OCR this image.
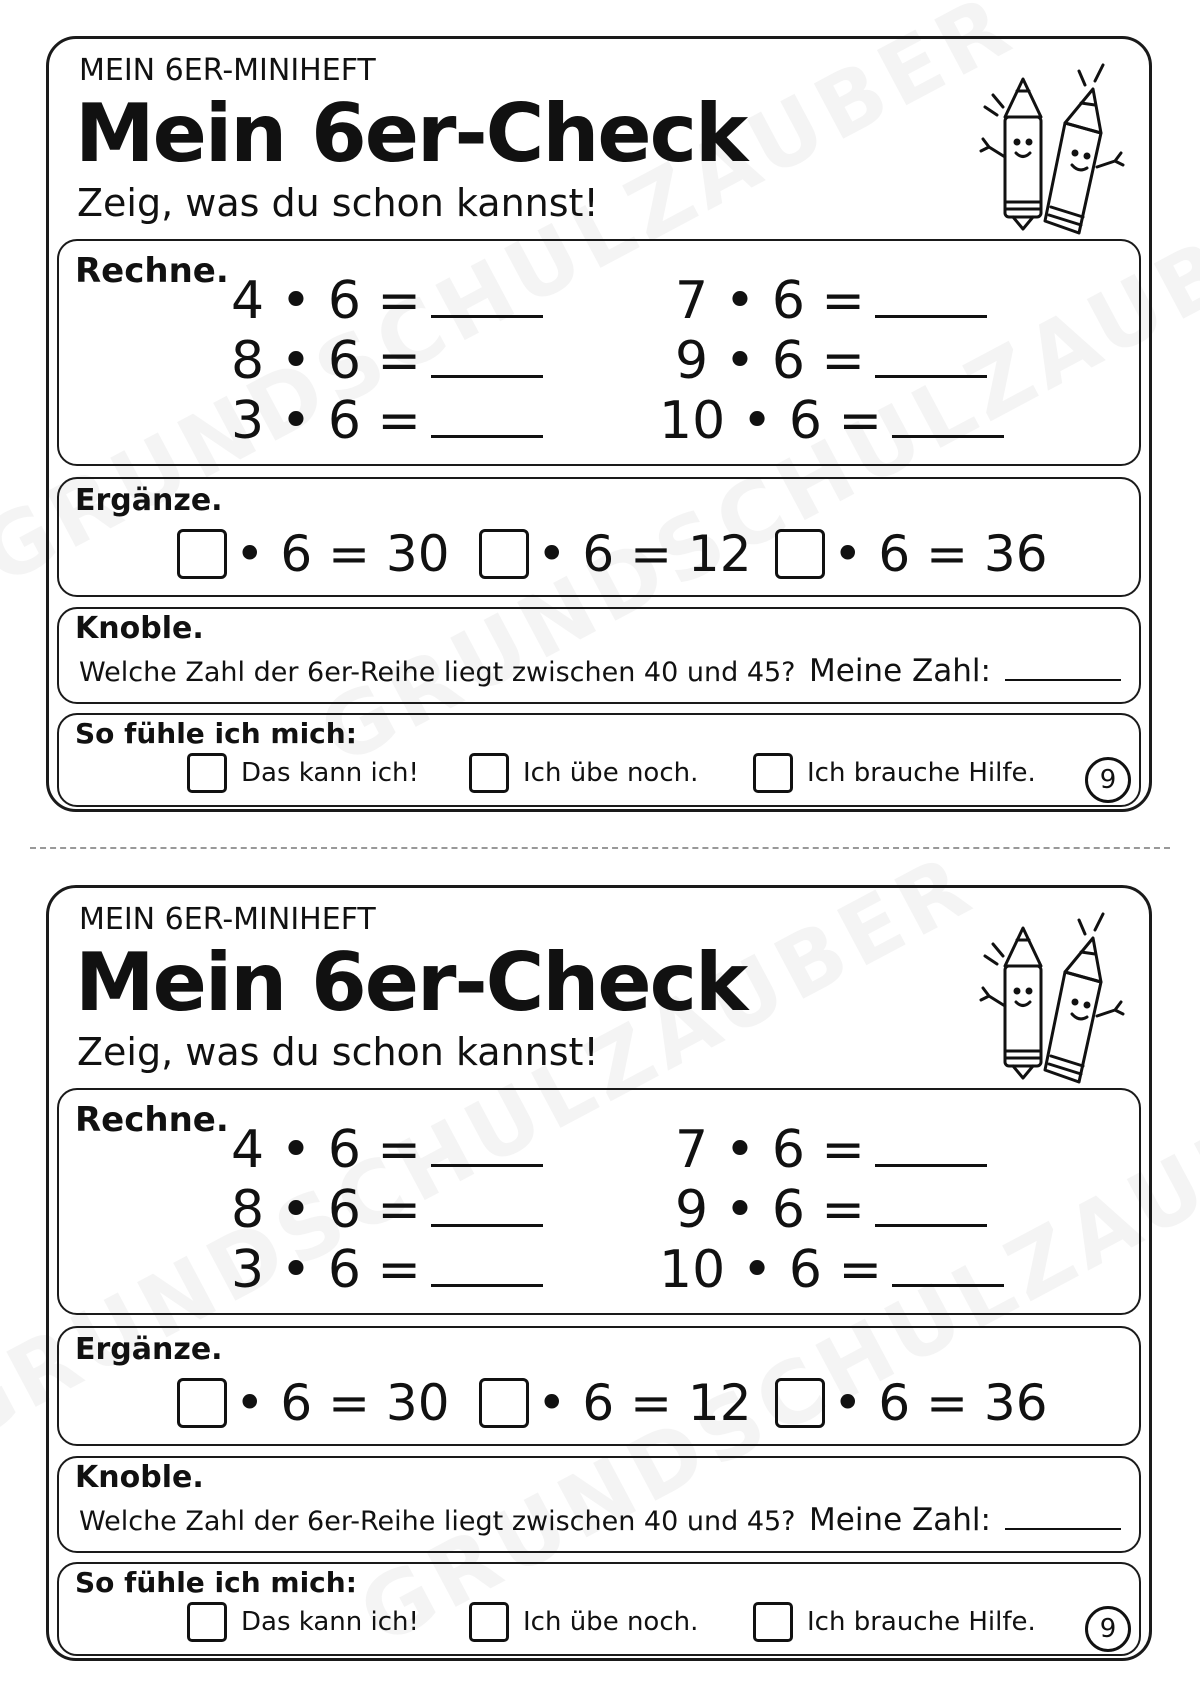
MEIN 6ER-MINIHEFT
Mein 6er-Check
Zeig, was du schon kannst!
Rechne. 4 • 6 =	7 • 6 =
8 • 6 =	9 • 6 =
3 • 6 =	10 • 6 =
Ergänze.
• 6 = 30 • 6 = 12 • 6 = 36
Knoble.
Welche Zahl der 6er-Reihe liegt zwischen 40 und 45? Meine Zahl:
So fühle ich mich:
Das kann ich!	Ich übe noch.	Ich brauche Hilfe.	9
MEIN 6ER-MINIHEFT
Mein 6er-Check
Zeig, was du schon kannst!
Rechne. 4 • 6 =	7 • 6 =
8 • 6 =	9 • 6 =
3 • 6 =	10 • 6 =
Ergänze.
• 6 = 30 • 6 = 12 • 6 = 36
Knoble.
Welche Zahl der 6er-Reihe liegt zwischen 40 und 45? Meine Zahl:
So fühle ich mich:
Das kann ich!	Ich übe noch.	Ich brauche Hilfe.	9
